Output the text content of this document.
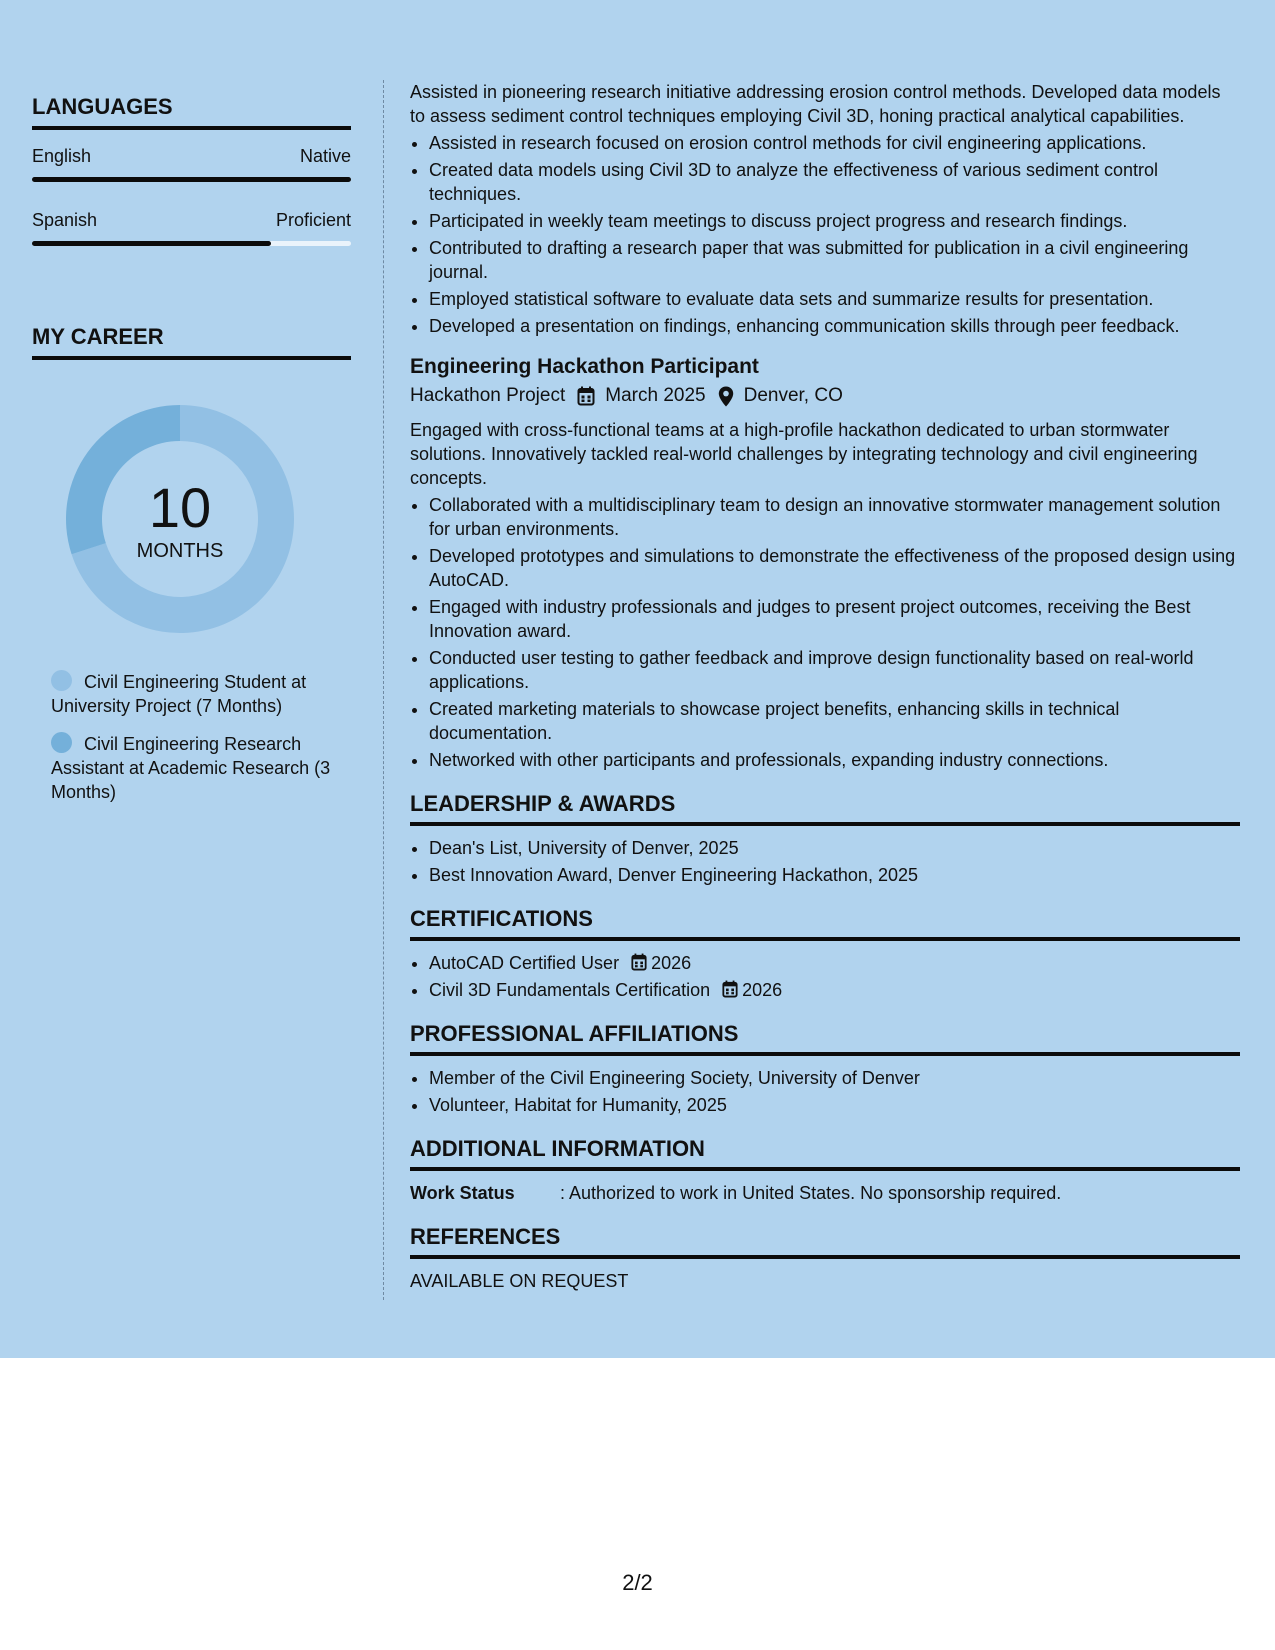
LANGUAGES
English	Native
Spanish	Proficient
MY CAREER
10
MONTHS
Civil Engineering Student at University Project (7 Months)
Civil Engineering Research Assistant at Academic Research (3 Months)

Assisted in pioneering research initiative addressing erosion control methods. Developed data models to assess sediment control techniques employing Civil 3D, honing practical analytical capabilities.

• Assisted in research focused on erosion control methods for civil engineering applications.
• Created data models using Civil 3D to analyze the effectiveness of various sediment control techniques.
• Participated in weekly team meetings to discuss project progress and research findings.
• Contributed to drafting a research paper that was submitted for publication in a civil engineering journal.
• Employed statistical software to evaluate data sets and summarize results for presentation.
• Developed a presentation on findings, enhancing communication skills through peer feedback.
Engineering Hackathon Participant
Hackathon Project March 2025 Denver, CO

Engaged with cross-functional teams at a high-profile hackathon dedicated to urban stormwater solutions. Innovatively tackled real-world challenges by integrating technology and civil engineering concepts.

• Collaborated with a multidisciplinary team to design an innovative stormwater management solution for urban environments.
• Developed prototypes and simulations to demonstrate the effectiveness of the proposed design using AutoCAD.
• Engaged with industry professionals and judges to present project outcomes, receiving the Best Innovation award.
• Conducted user testing to gather feedback and improve design functionality based on real-world applications.
• Created marketing materials to showcase project benefits, enhancing skills in technical documentation.
• Networked with other participants and professionals, expanding industry connections.
LEADERSHIP & AWARDS
• Dean's List, University of Denver, 2025
• Best Innovation Award, Denver Engineering Hackathon, 2025
CERTIFICATIONS
• AutoCAD Certified User 2026
• Civil 3D Fundamentals Certification 2026
PROFESSIONAL AFFILIATIONS
• Member of the Civil Engineering Society, University of Denver
• Volunteer, Habitat for Humanity, 2025
ADDITIONAL INFORMATION
Work Status	: Authorized to work in United States. No sponsorship required.
REFERENCES
AVAILABLE ON REQUEST
2/2
